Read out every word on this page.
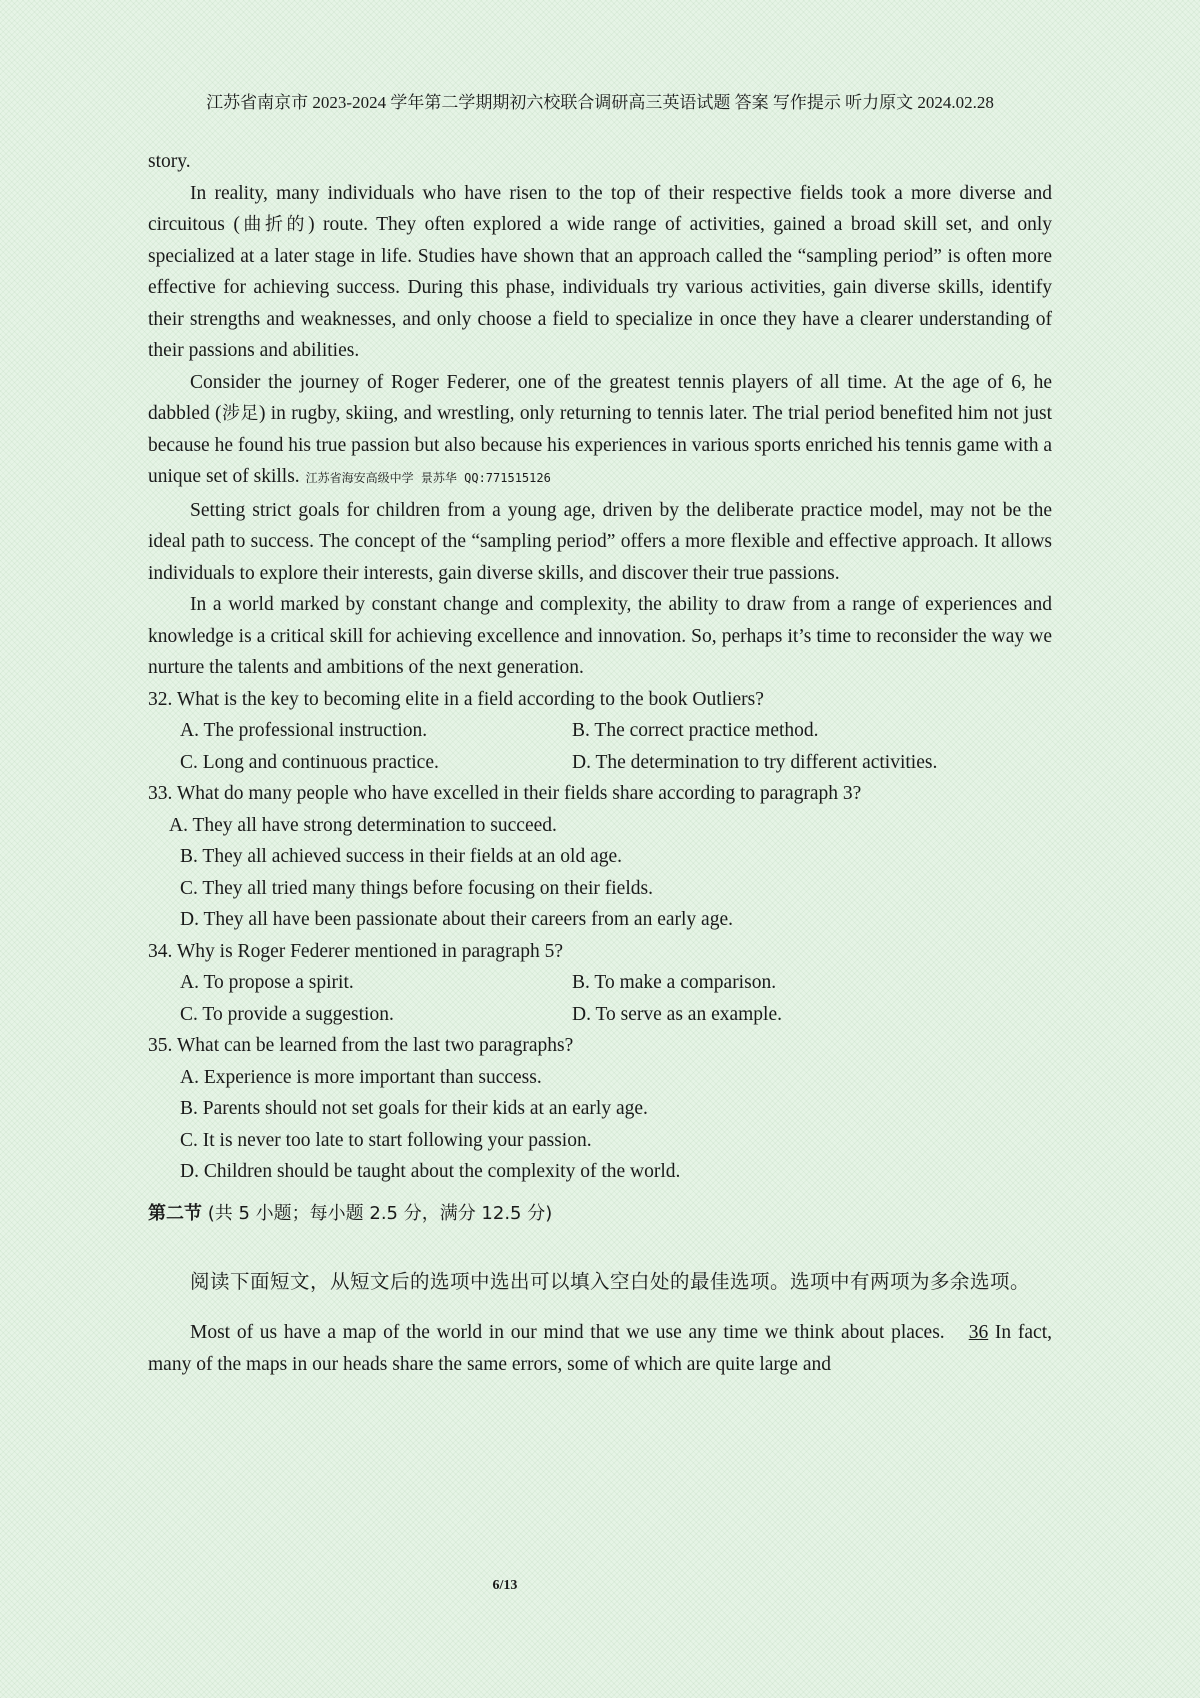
江苏省南京市 2023-2024 学年第二学期期初六校联合调研高三英语试题 答案 写作提示 听力原文 2024.02.28

story.

In reality, many individuals who have risen to the top of their respective fields took a more diverse and circuitous (曲折的) route. They often explored a wide range of activities, gained a broad skill set, and only specialized at a later stage in life. Studies have shown that an approach called the “sampling period” is often more effective for achieving success. During this phase, individuals try various activities, gain diverse skills, identify their strengths and weaknesses, and only choose a field to specialize in once they have a clearer understanding of their passions and abilities.

Consider the journey of Roger Federer, one of the greatest tennis players of all time. At the age of 6, he dabbled (涉足) in rugby, skiing, and wrestling, only returning to tennis later. The trial period benefited him not just because he found his true passion but also because his experiences in various sports enriched his tennis game with a unique set of skills. 江苏省海安高级中学 景苏华 QQ:771515126

Setting strict goals for children from a young age, driven by the deliberate practice model, may not be the ideal path to success. The concept of the “sampling period” offers a more flexible and effective approach. It allows individuals to explore their interests, gain diverse skills, and discover their true passions.

In a world marked by constant change and complexity, the ability to draw from a range of experiences and knowledge is a critical skill for achieving excellence and innovation. So, perhaps it’s time to reconsider the way we nurture the talents and ambitions of the next generation.

32. What is the key to becoming elite in a field according to the book Outliers?

A. The professional instruction.	B. The correct practice method.
C. Long and continuous practice.	D. The determination to try different activities.

33. What do many people who have excelled in their fields share according to paragraph 3?

A. They all have strong determination to succeed.

B. They all achieved success in their fields at an old age.

C. They all tried many things before focusing on their fields.

D. They all have been passionate about their careers from an early age.

34. Why is Roger Federer mentioned in paragraph 5?

A. To propose a spirit.	B. To make a comparison.
C. To provide a suggestion.	D. To serve as an example.

35. What can be learned from the last two paragraphs?

A. Experience is more important than success.

B. Parents should not set goals for their kids at an early age.

C. It is never too late to start following your passion.

D. Children should be taught about the complexity of the world.

第二节 (共 5 小题；每小题 2.5 分，满分 12.5 分)

阅读下面短文，从短文后的选项中选出可以填入空白处的最佳选项。选项中有两项为多余选项。

Most of us have a map of the world in our mind that we use any time we think about places. 36 In fact, many of the maps in our heads share the same errors, some of which are quite large and

6/13
